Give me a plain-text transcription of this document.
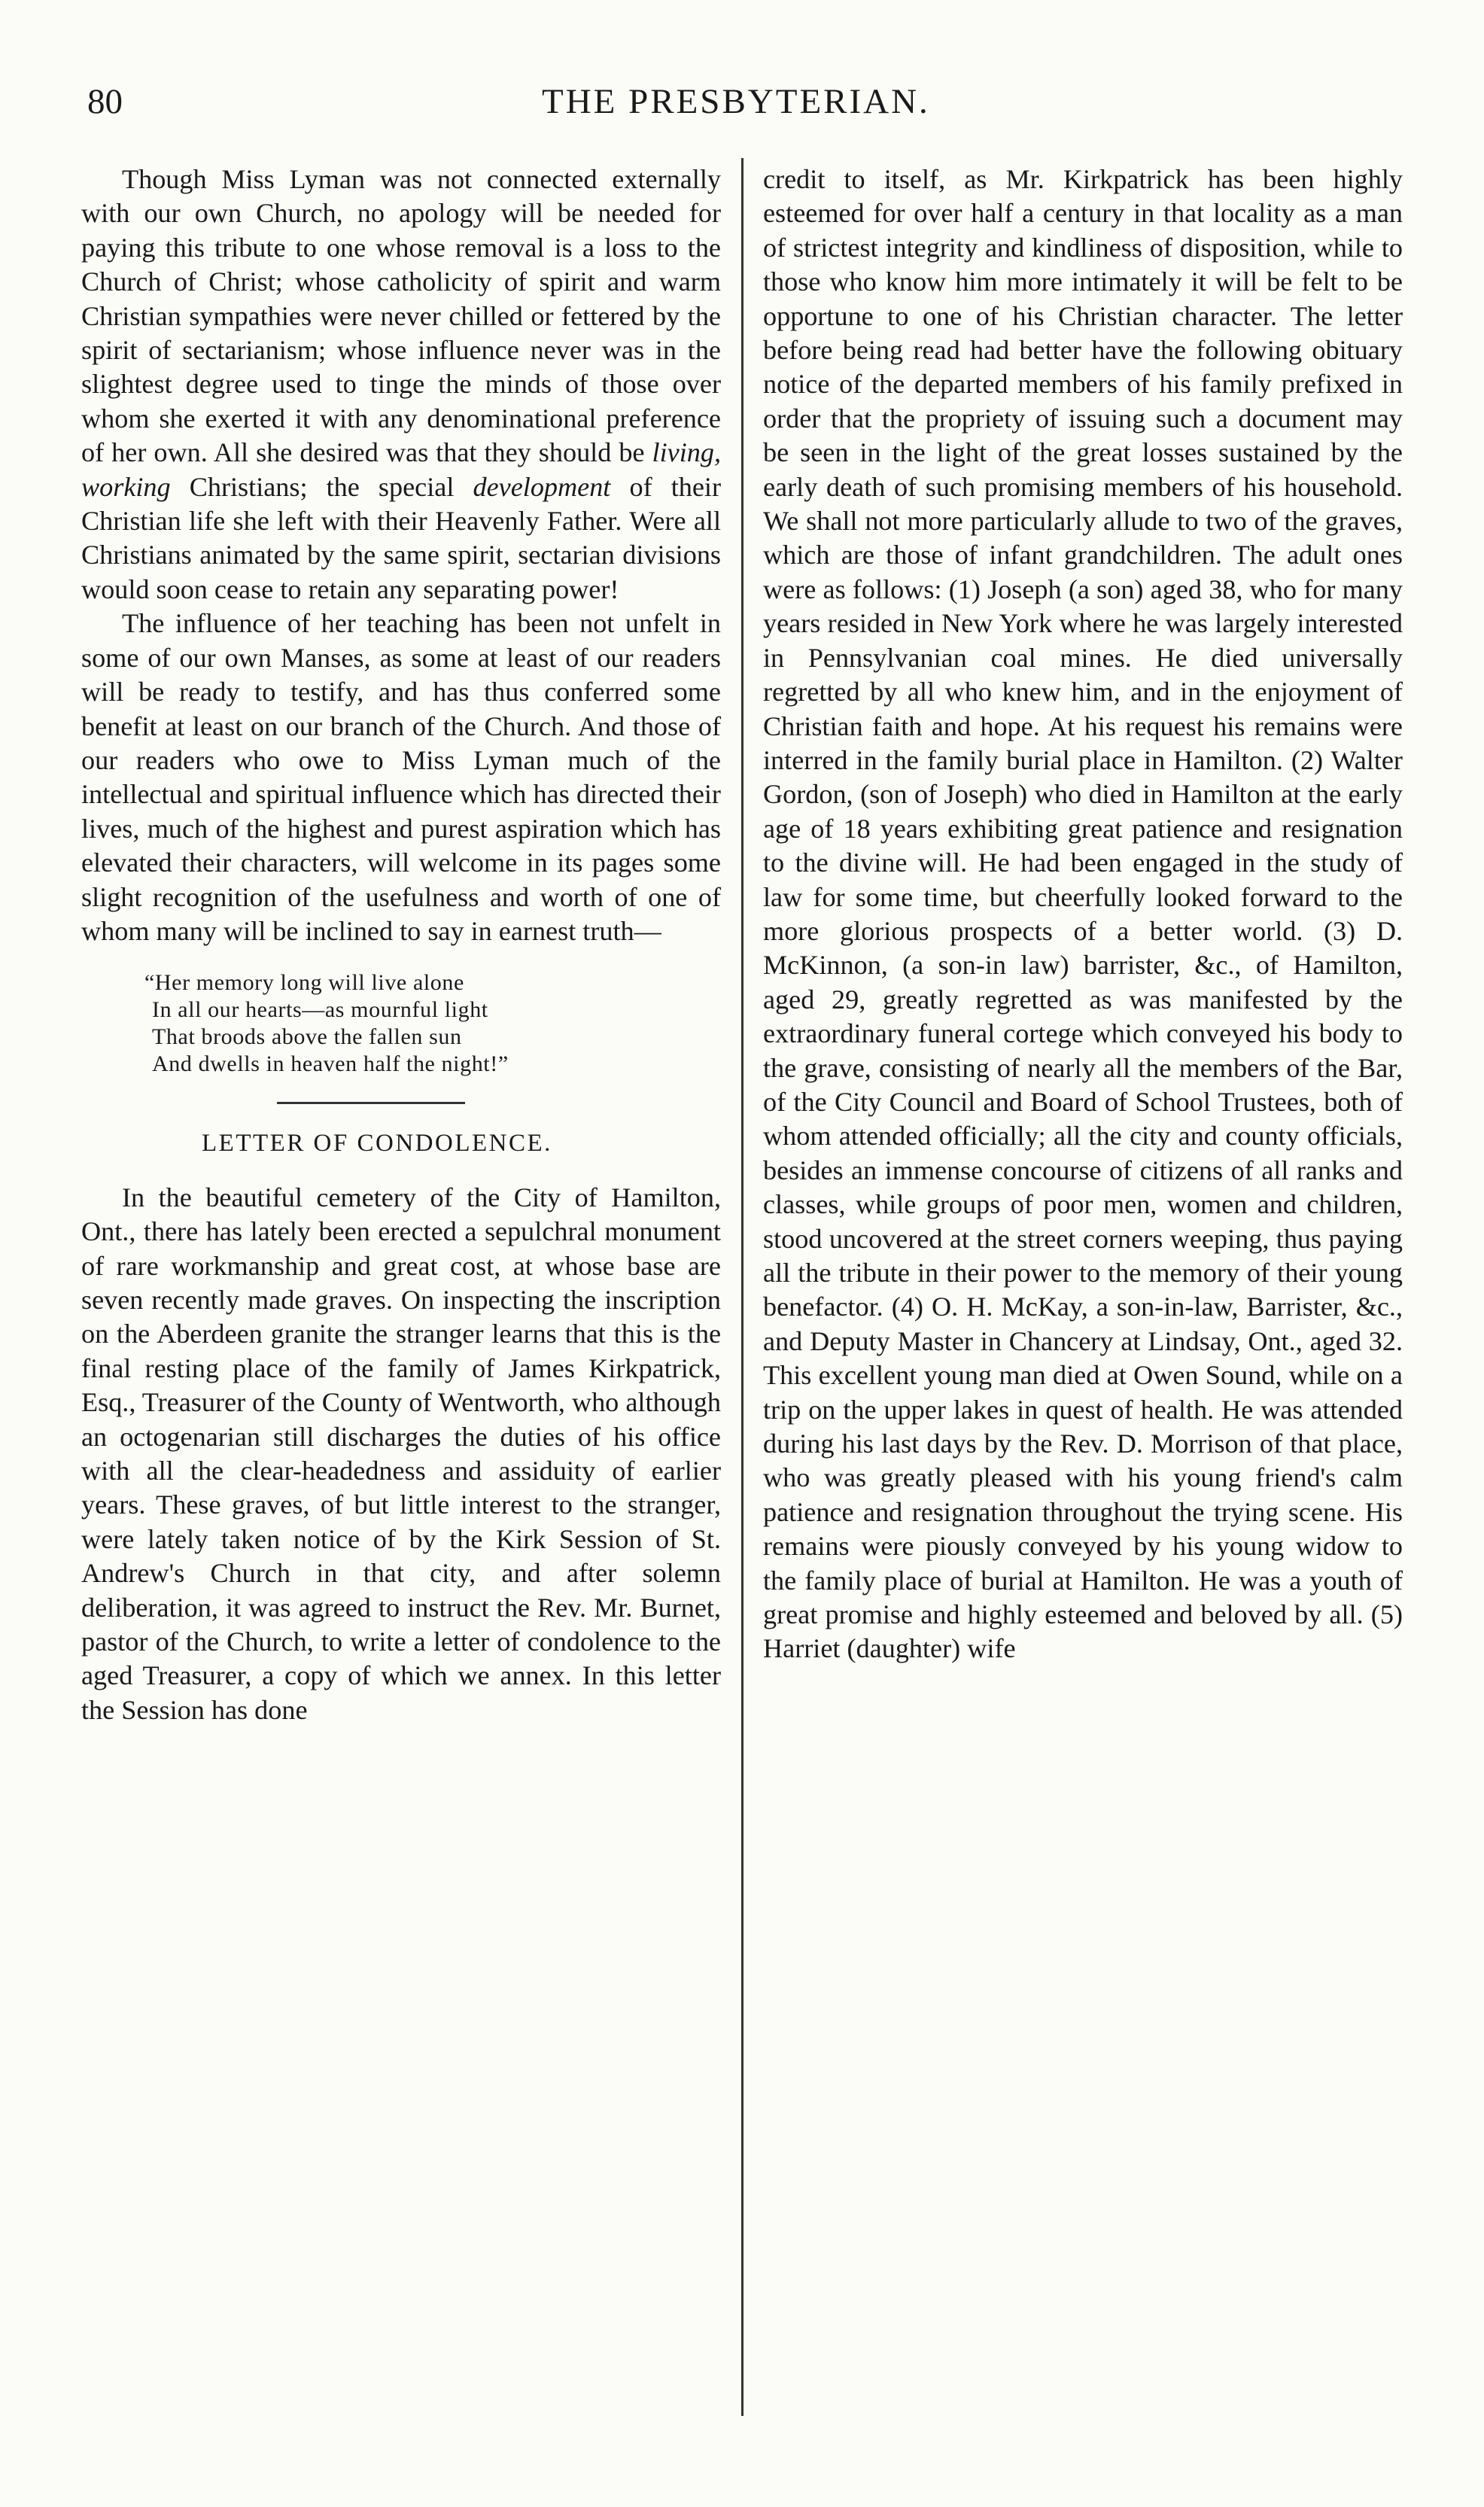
80	THE PRESBYTERIAN.

Though Miss Lyman was not connected externally with our own Church, no apology will be needed for paying this tribute to one whose removal is a loss to the Church of Christ; whose catholicity of spirit and warm Christian sympathies were never chilled or fettered by the spirit of sectarianism; whose influence never was in the slightest degree used to tinge the minds of those over whom she exerted it with any denominational preference of her own. All she desired was that they should be living, working Christians; the special development of their Christian life she left with their Heavenly Father. Were all Christians animated by the same spirit, sectarian divisions would soon cease to retain any separating power!

The influence of her teaching has been not unfelt in some of our own Manses, as some at least of our readers will be ready to testify, and has thus conferred some benefit at least on our branch of the Church. And those of our readers who owe to Miss Lyman much of the intellectual and spiritual influence which has directed their lives, much of the highest and purest aspiration which has elevated their characters, will welcome in its pages some slight recognition of the usefulness and worth of one of whom many will be inclined to say in earnest truth—

“Her memory long will live alone
In all our hearts—as mournful light
That broods above the fallen sun
And dwells in heaven half the night!”
LETTER OF CONDOLENCE.

In the beautiful cemetery of the City of Hamilton, Ont., there has lately been erected a sepulchral monument of rare workmanship and great cost, at whose base are seven recently made graves. On inspecting the inscription on the Aberdeen granite the stranger learns that this is the final resting place of the family of James Kirkpatrick, Esq., Treasurer of the County of Wentworth, who although an octogenarian still discharges the duties of his office with all the clear-headedness and assiduity of earlier years. These graves, of but little interest to the stranger, were lately taken notice of by the Kirk Session of St. Andrew's Church in that city, and after solemn deliberation, it was agreed to instruct the Rev. Mr. Burnet, pastor of the Church, to write a letter of condolence to the aged Treasurer, a copy of which we annex. In this letter the Session has done

credit to itself, as Mr. Kirkpatrick has been highly esteemed for over half a century in that locality as a man of strictest integrity and kindliness of disposition, while to those who know him more intimately it will be felt to be opportune to one of his Christian character. The letter before being read had better have the following obituary notice of the departed members of his family prefixed in order that the propriety of issuing such a document may be seen in the light of the great losses sustained by the early death of such promising members of his household. We shall not more particularly allude to two of the graves, which are those of infant grandchildren. The adult ones were as follows: (1) Joseph (a son) aged 38, who for many years resided in New York where he was largely interested in Pennsylvanian coal mines. He died universally regretted by all who knew him, and in the enjoyment of Christian faith and hope. At his request his remains were interred in the family burial place in Hamilton. (2) Walter Gordon, (son of Joseph) who died in Hamilton at the early age of 18 years exhibiting great patience and resignation to the divine will. He had been engaged in the study of law for some time, but cheerfully looked forward to the more glorious prospects of a better world. (3) D. McKinnon, (a son-in law) barrister, &c., of Hamilton, aged 29, greatly regretted as was manifested by the extraordinary funeral cortege which conveyed his body to the grave, consisting of nearly all the members of the Bar, of the City Council and Board of School Trustees, both of whom attended officially; all the city and county officials, besides an immense concourse of citizens of all ranks and classes, while groups of poor men, women and children, stood uncovered at the street corners weeping, thus paying all the tribute in their power to the memory of their young benefactor. (4) O. H. McKay, a son-in-law, Barrister, &c., and Deputy Master in Chancery at Lindsay, Ont., aged 32. This excellent young man died at Owen Sound, while on a trip on the upper lakes in quest of health. He was attended during his last days by the Rev. D. Morrison of that place, who was greatly pleased with his young friend's calm patience and resignation throughout the trying scene. His remains were piously conveyed by his young widow to the family place of burial at Hamilton. He was a youth of great promise and highly esteemed and beloved by all. (5) Harriet (daughter) wife
